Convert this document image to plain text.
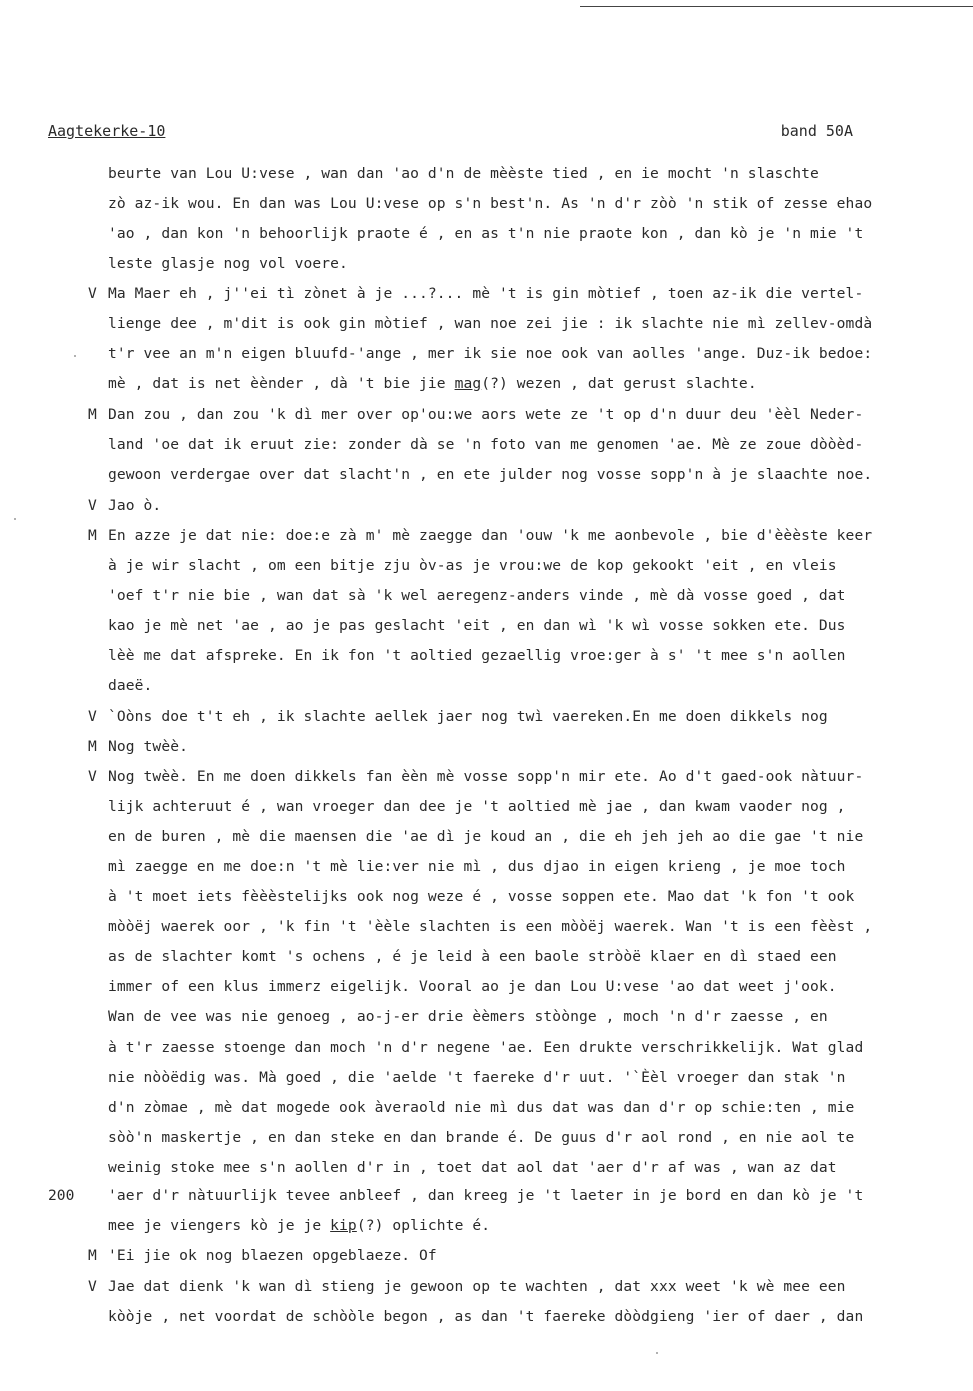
Aagtekerke-10	band 50A
V
M
V
M
V
M
V
M
V
200
beurte van Lou U:vese , wan dan 'ao d'n de mèèste tied , en ie mocht 'n slaschte
zò az-ik wou. En dan was Lou U:vese op s'n best'n. As 'n d'r zòò 'n stik of zesse ehao
'ao , dan kon 'n behoorlijk praote é , en as t'n nie praote kon , dan kò je 'n mie 't
leste glasje nog vol voere.
Ma Maer eh , j''ei tì zònet à je ...?... mè 't is gin mòtief , toen az-ik die vertel-
lienge dee , m'dit is ook gin mòtief , wan noe zei jie : ik slachte nie mì zellev-omdà
t'r vee an m'n eigen bluufd-'ange , mer ik sie noe ook van aolles 'ange. Duz-ik bedoe:
mè , dat is net èènder , dà 't bie jie mag(?) wezen , dat gerust slachte.
Dan zou , dan zou 'k dì mer over op'ou:we aors wete ze 't op d'n duur deu 'èèl Neder-
land 'oe dat ik eruut zie: zonder dà se 'n foto van me genomen 'ae. Mè ze zoue dòòèd-
gewoon verdergae over dat slacht'n , en ete julder nog vosse sopp'n à je slaachte noe.
Jao ò.
En azze je dat nie: doe:e zà m' mè zaegge dan 'ouw 'k me aonbevole , bie d'èèèste keer
à je wir slacht , om een bitje zju òv-as je vrou:we de kop gekookt 'eit , en vleis
'oef t'r nie bie , wan dat sà 'k wel aeregenz-anders vinde , mè dà vosse goed , dat
kao je mè net 'ae , ao je pas geslacht 'eit , en dan wì 'k wì vosse sokken ete. Dus
lèè me dat afspreke. En ik fon 't aoltied gezaellig vroe:ger à s' 't mee s'n aollen
daeë.
`Oòns doe t't eh , ik slachte aellek jaer nog twì vaereken.En me doen dikkels nog
Nog twèè.
Nog twèè. En me doen dikkels fan èèn mè vosse sopp'n mir ete. Ao d't gaed-ook nàtuur-
lijk achteruut é , wan vroeger dan dee je 't aoltied mè jae , dan kwam vaoder nog ,
en de buren , mè die maensen die 'ae dì je koud an , die eh jeh jeh ao die gae 't nie
mì zaegge en me doe:n 't mè lie:ver nie mì , dus djao in eigen krieng , je moe toch
à 't moet iets fèèèstelijks ook nog weze é , vosse soppen ete. Mao dat 'k fon 't ook
mòòëj waerek oor , 'k fin 't 'èèle slachten is een mòòëj waerek. Wan 't is een fèèst ,
as de slachter komt 's ochens , é je leid à een baole stròòë klaer en dì staed een
immer of een klus immerz eigelijk. Vooral ao je dan Lou U:vese 'ao dat weet j'ook.
Wan de vee was nie genoeg , ao-j-er drie èèmers stòònge , moch 'n d'r zaesse , en
à t'r zaesse stoenge dan moch 'n d'r negene 'ae. Een drukte verschrikkelijk. Wat glad
nie nòòëdig was. Mà goed , die 'aelde 't faereke d'r uut. '`Èèl vroeger dan stak 'n
d'n zòmae , mè dat mogede ook àveraold nie mì dus dat was dan d'r op schie:ten , mie
sòò'n maskertje , en dan steke en dan brande é. De guus d'r aol rond , en nie aol te
weinig stoke mee s'n aollen d'r in , toet dat aol dat 'aer d'r af was , wan az dat
'aer d'r nàtuurlijk tevee anbleef , dan kreeg je 't laeter in je bord en dan kò je 't
mee je viengers kò je je kip(?) oplichte é.
'Ei jie ok nog blaezen opgeblaeze. Of
Jae dat dienk 'k wan dì stieng je gewoon op te wachten , dat xxx weet 'k wè mee een
kòòje , net voordat de schòòle begon , as dan 't faereke dòòdgieng 'ier of daer , dan
